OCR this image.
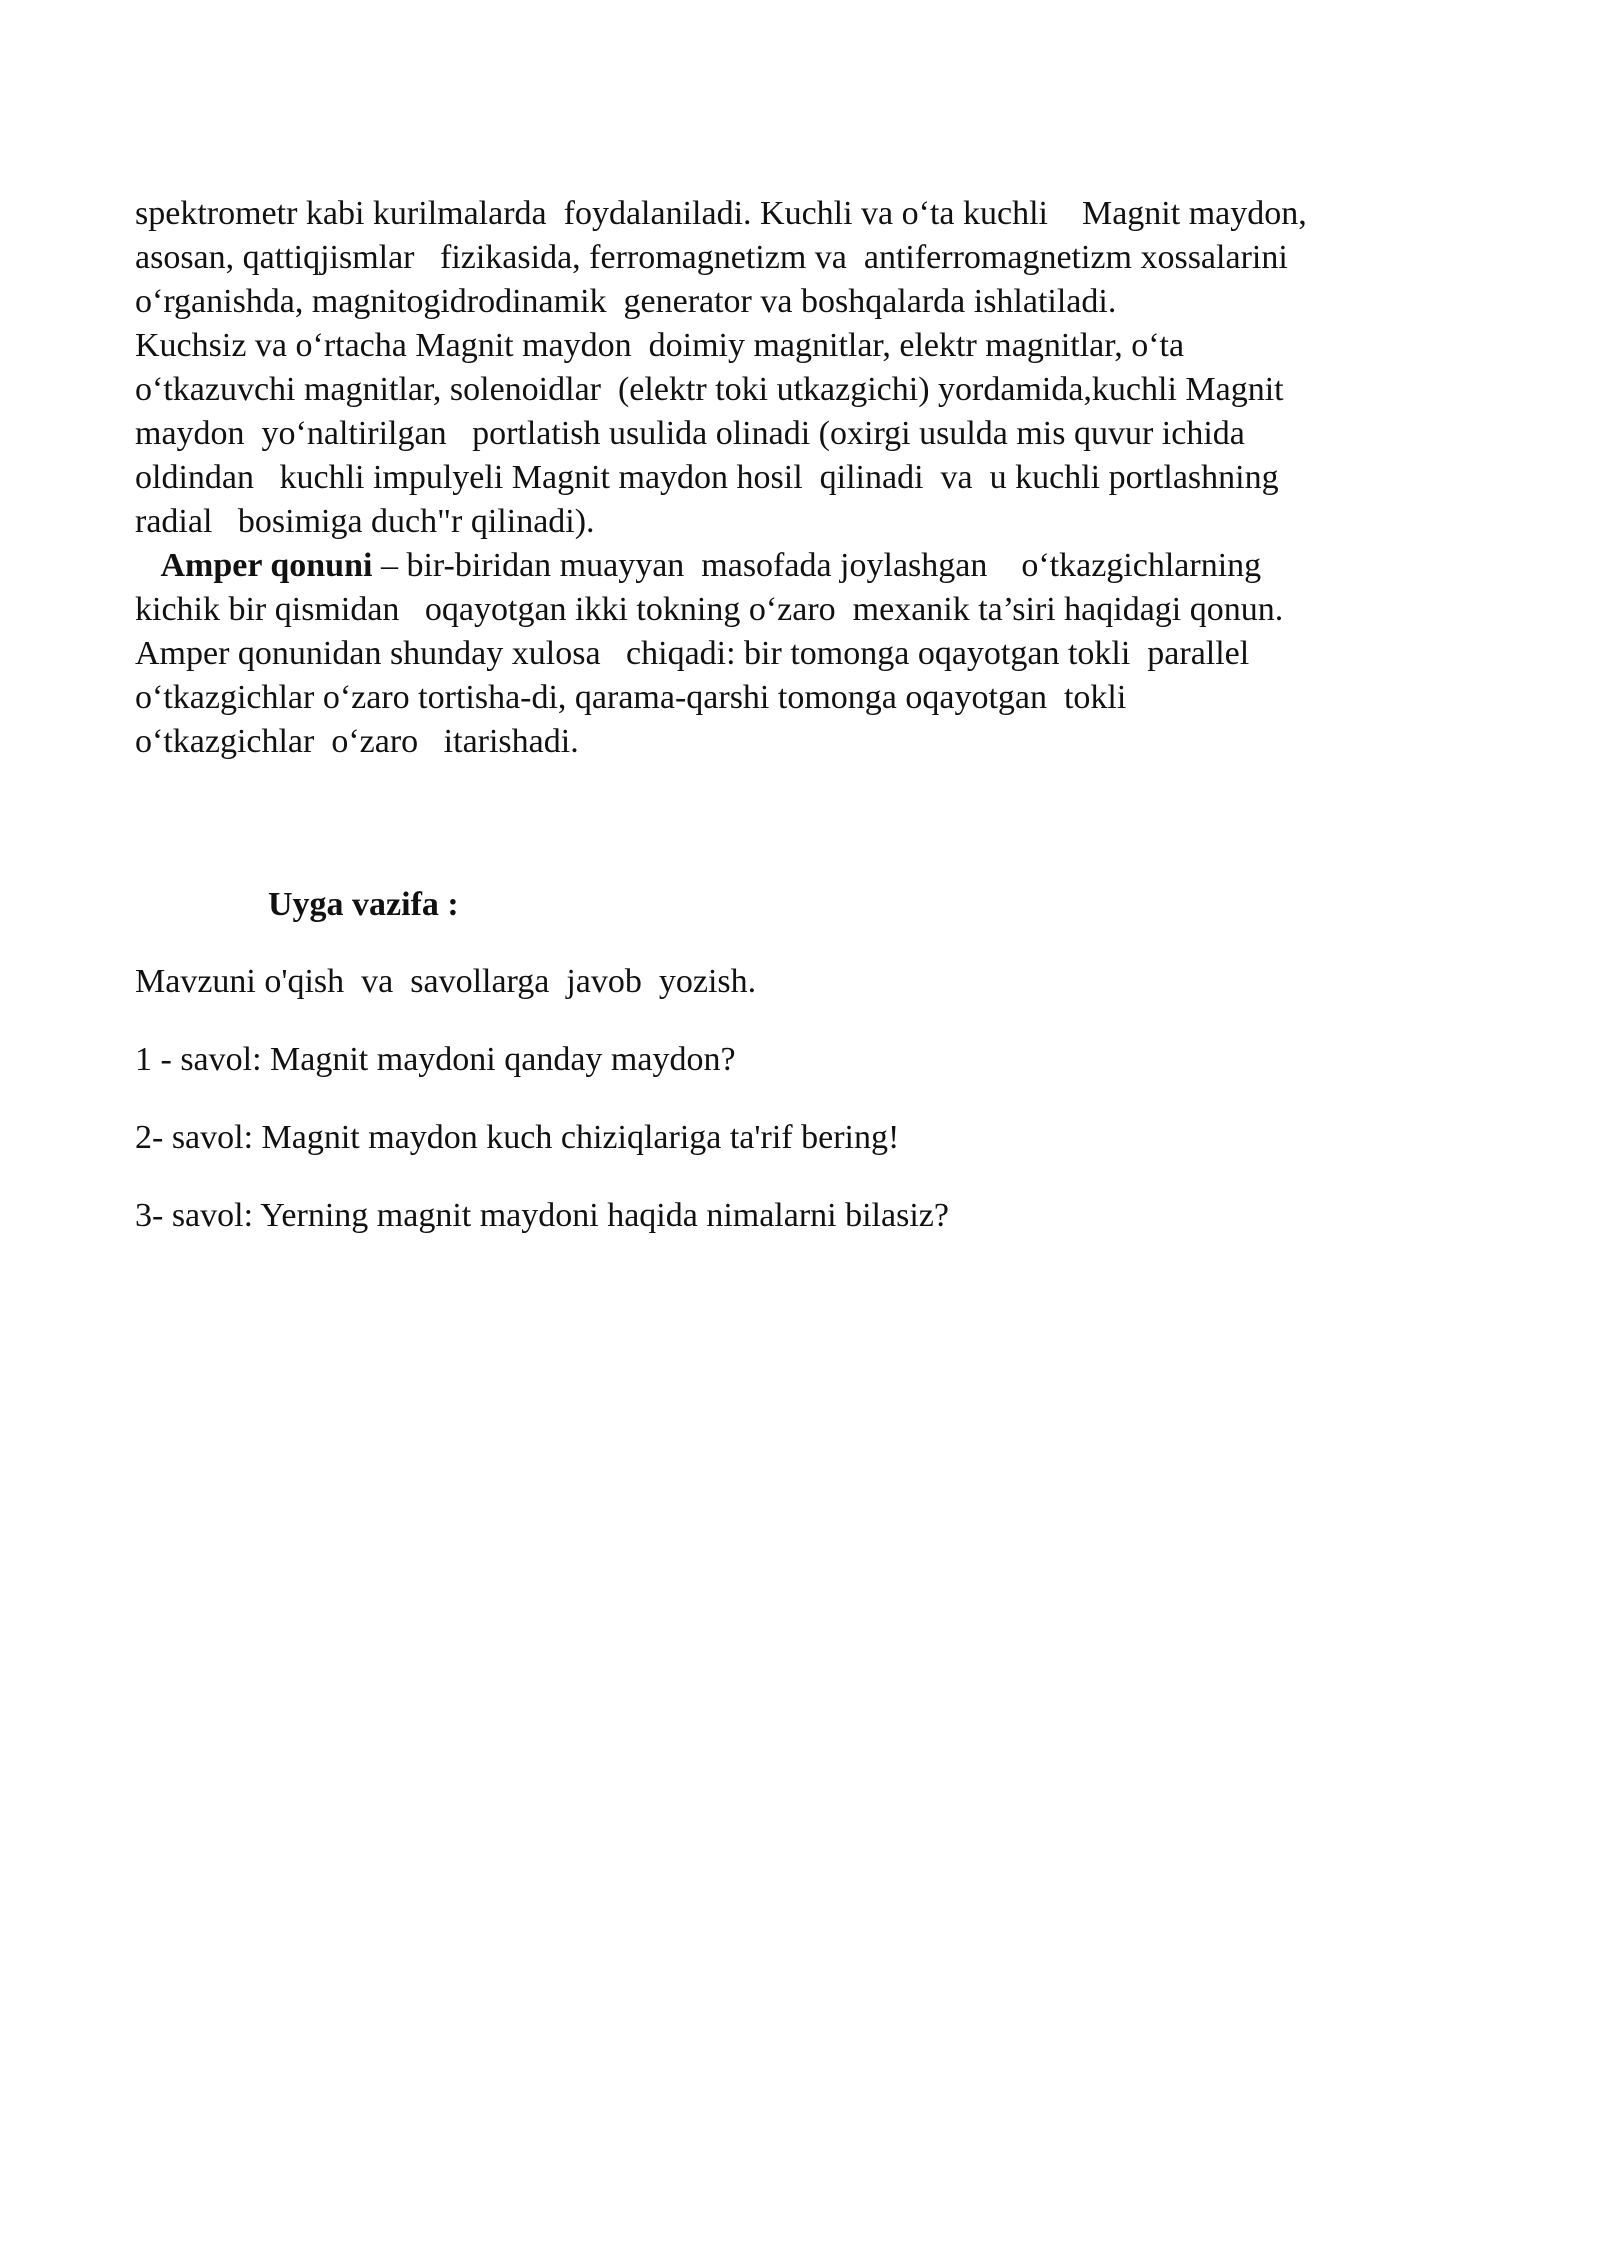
spektrometr kabi kurilmalarda  foydalaniladi. Kuchli va o‘ta kuchli    Magnit maydon,
asosan, qattiqjismlar   fizikasida, ferromagnetizm va  antiferromagnetizm xossalarini
o‘rganishda, magnitogidrodinamik  generator va boshqalarda ishlatiladi.
Kuchsiz va o‘rtacha Magnit maydon  doimiy magnitlar, elektr magnitlar, o‘ta
o‘tkazuvchi magnitlar, solenoidlar  (elektr toki utkazgichi) yordamida,kuchli Magnit
maydon  yo‘naltirilgan   portlatish usulida olinadi (oxirgi usulda mis quvur ichida
oldindan   kuchli impulyeli Magnit maydon hosil  qilinadi  va  u kuchli portlashning
radial   bosimiga duch"r qilinadi).
Amper qonuni – bir-biridan muayyan  masofada joylashgan    o‘tkazgichlarning
kichik bir qismidan   oqayotgan ikki tokning o‘zaro  mexanik ta’siri haqidagi qonun.
Amper qonunidan shunday xulosa   chiqadi: bir tomonga oqayotgan tokli  parallel
o‘tkazgichlar o‘zaro tortisha-di, qarama-qarshi tomonga oqayotgan  tokli
o‘tkazgichlar  o‘zaro   itarishadi.
Uyga vazifa :
Mavzuni o'qish  va  savollarga  javob  yozish.
1 - savol: Magnit maydoni qanday maydon?
2- savol: Magnit maydon kuch chiziqlariga ta'rif bering!
3- savol: Yerning magnit maydoni haqida nimalarni bilasiz?
